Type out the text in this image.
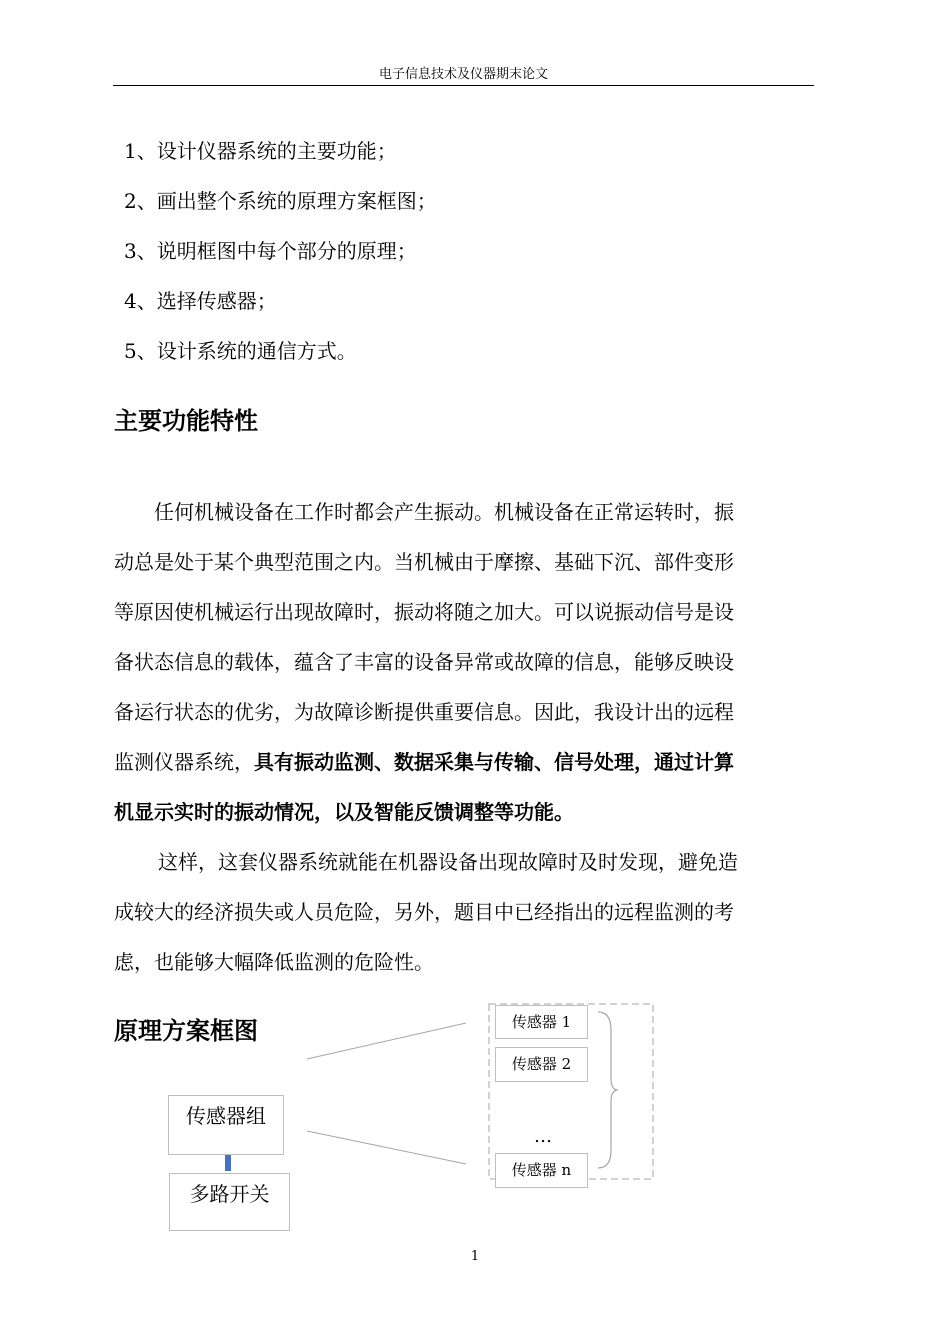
电子信息技术及仪器期末论文
1、设计仪器系统的主要功能；
2、画出整个系统的原理方案框图；
3、说明框图中每个部分的原理；
4、选择传感器；
5、设计系统的通信方式。
主要功能特性
任何机械设备在工作时都会产生振动。机械设备在正常运转时，振
动总是处于某个典型范围之内。当机械由于摩擦、基础下沉、部件变形
等原因使机械运行出现故障时，振动将随之加大。可以说振动信号是设
备状态信息的载体，蕴含了丰富的设备异常或故障的信息，能够反映设
备运行状态的优劣，为故障诊断提供重要信息。因此，我设计出的远程
监测仪器系统，具有振动监测、数据采集与传输、信号处理，通过计算
机显示实时的振动情况，以及智能反馈调整等功能。
这样，这套仪器系统就能在机器设备出现故障时及时发现，避免造
成较大的经济损失或人员危险，另外，题目中已经指出的远程监测的考
虑，也能够大幅降低监测的危险性。
原理方案框图
传感器组
多路开关
传感器 1
传感器 2
…
传感器 n
1
